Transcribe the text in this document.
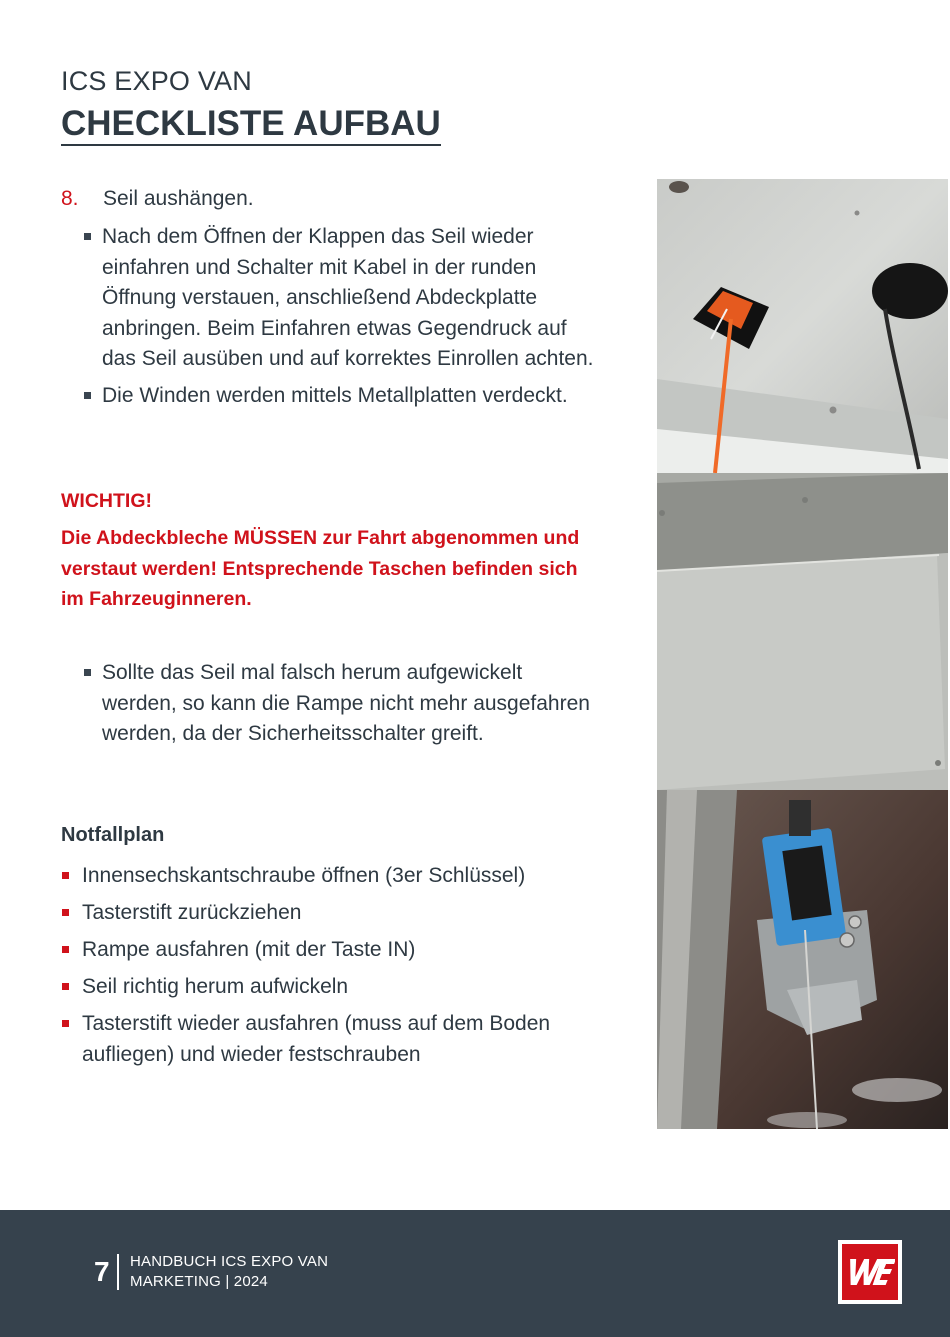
ICS EXPO VAN
CHECKLISTE AUFBAU
8. Seil aushängen.
Nach dem Öffnen der Klappen das Seil wieder einfahren und Schalter mit Kabel in der runden Öffnung verstauen, anschließend Abdeckplatte anbringen. Beim Einfahren etwas Gegendruck auf das Seil ausüben und auf korrektes Einrollen achten.
Die Winden werden mittels Metallplatten verdeckt.
WICHTIG!
Die Abdeckbleche MÜSSEN zur Fahrt abgenommen und verstaut werden! Entsprechende Taschen befinden sich im Fahrzeuginneren.
Sollte das Seil mal falsch herum aufgewickelt werden, so kann die Rampe nicht mehr ausgefahren werden, da der Sicherheitsschalter greift.
Notfallplan
Innensechskantschraube öffnen (3er Schlüssel)
Tasterstift zurückziehen
Rampe ausfahren (mit der Taste IN)
Seil richtig herum aufwickeln
Tasterstift wieder ausfahren (muss auf dem Boden aufliegen) und wieder festschrauben
7 HANDBUCH ICS EXPO VAN
MARKETING | 2024
